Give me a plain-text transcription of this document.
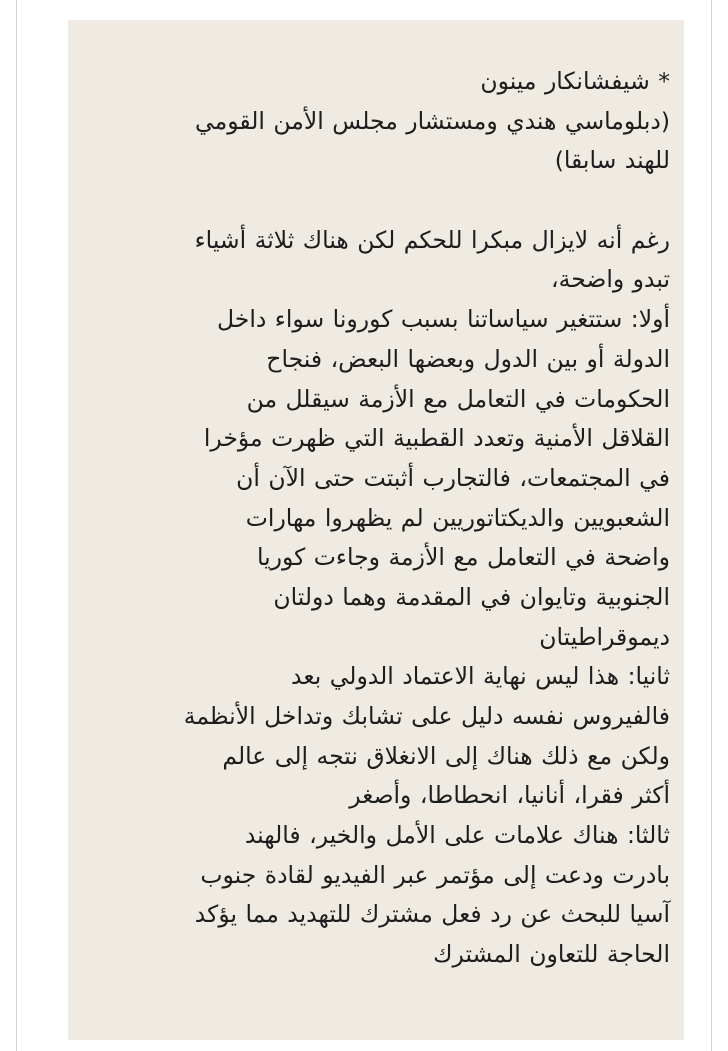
* شيفشانكار مينون
(دبلوماسي هندي ومستشار مجلس الأمن القومي
للهند سابقا)
رغم أنه لايزال مبكرا للحكم لكن هناك ثلاثة أشياء
تبدو واضحة،
أولا: ستتغير سياساتنا بسبب كورونا سواء داخل
الدولة أو بين الدول وبعضها البعض، فنجاح
الحكومات في التعامل مع الأزمة سيقلل من
القلاقل الأمنية وتعدد القطبية التي ظهرت مؤخرا
في المجتمعات، فالتجارب أثبتت حتى الآن أن
الشعبويين والديكتاتوريين لم يظهروا مهارات
واضحة في التعامل مع الأزمة وجاءت كوريا
الجنوبية وتايوان في المقدمة وهما دولتان
ديموقراطيتان
ثانيا: هذا ليس نهاية الاعتماد الدولي بعد
فالفيروس نفسه دليل على تشابك وتداخل الأنظمة
ولكن مع ذلك هناك إلى الانغلاق نتجه إلى عالم
أكثر فقرا، أنانيا، انحطاطا، وأصغر
ثالثا: هناك علامات على الأمل والخير، فالهند
بادرت ودعت إلى مؤتمر عبر الفيديو لقادة جنوب
آسيا للبحث عن رد فعل مشترك للتهديد مما يؤكد
الحاجة للتعاون المشترك
